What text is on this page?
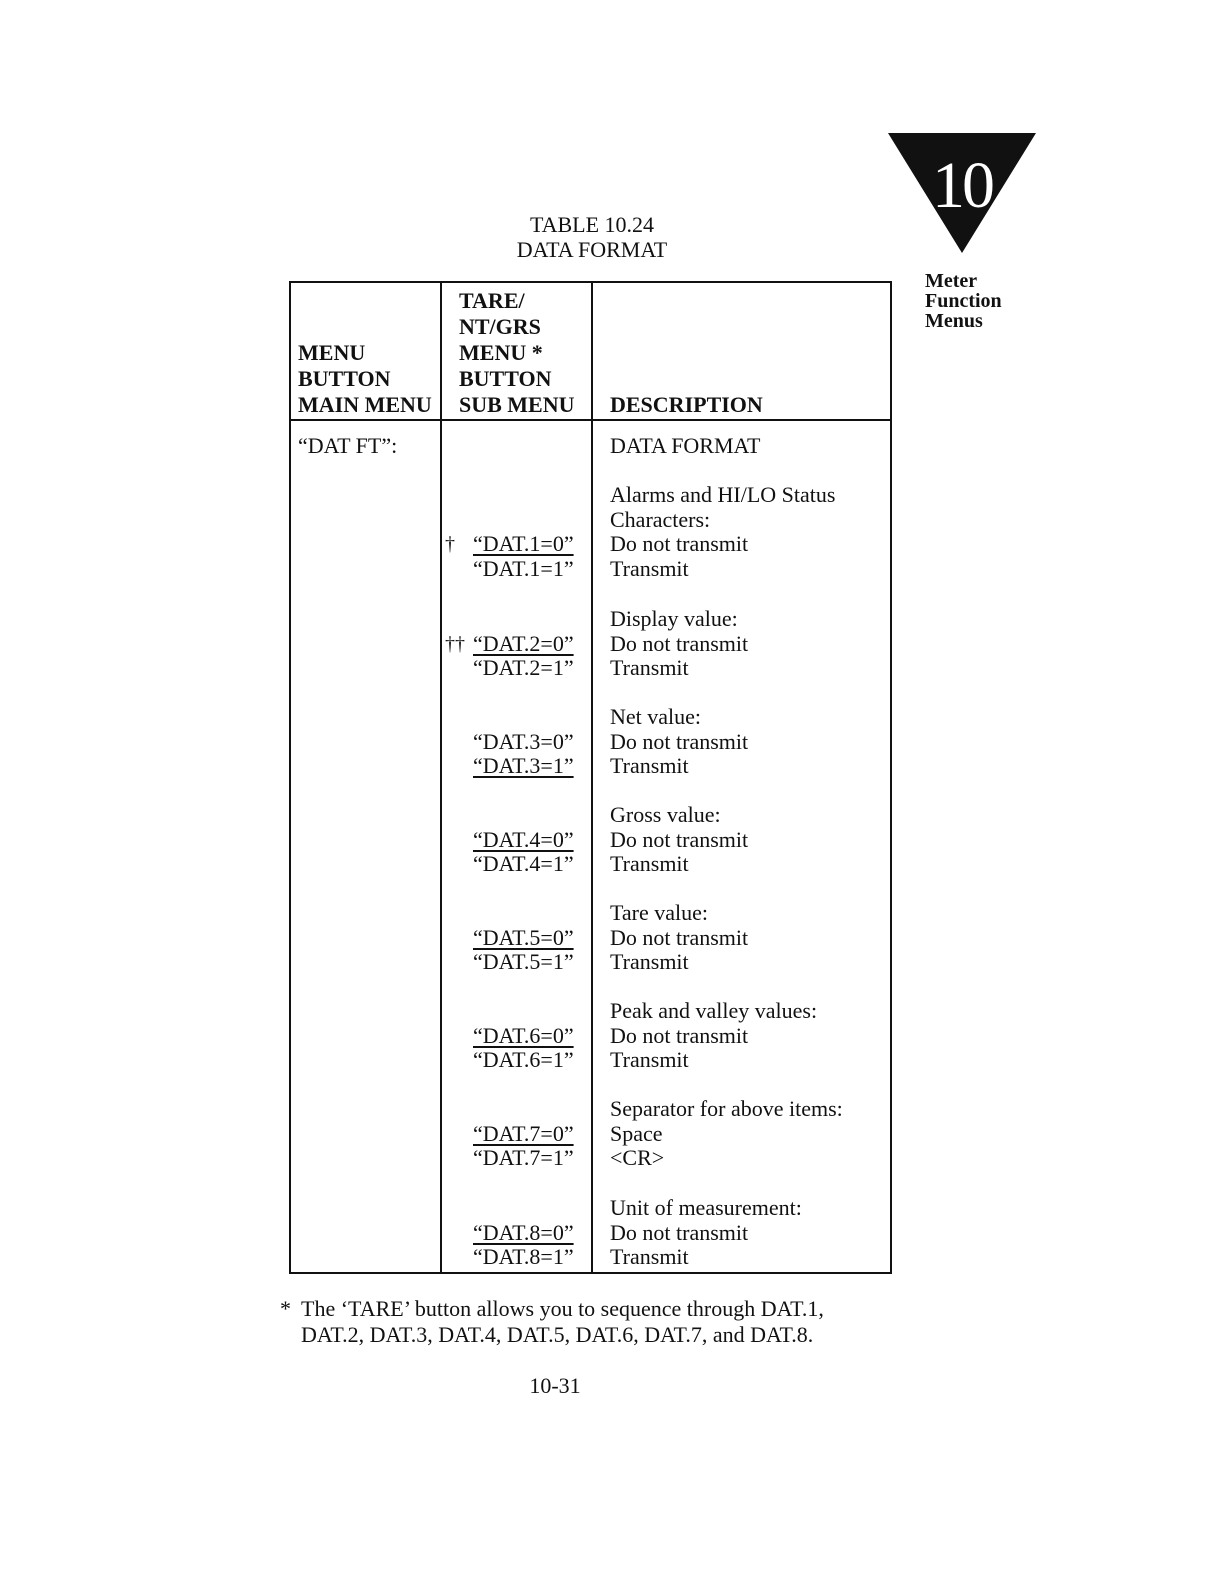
10
Meter
Function
Menus
TABLE 10.24
DATA FORMAT
MENU
BUTTON
MAIN MENU
TARE/
NT/GRS
MENU *
BUTTON
SUB MENU DESCRIPTION
“DAT FT”:	DATA FORMAT
Alarms and HI/LO Status
Characters:
“DAT.1=0” Do not transmit
†
“DAT.1=1” Transmit
Display value:
“DAT.2=0” Do not transmit
††
“DAT.2=1” Transmit
Net value:
“DAT.3=0” Do not transmit
“DAT.3=1” Transmit
Gross value:
“DAT.4=0” Do not transmit
“DAT.4=1” Transmit
Tare value:
“DAT.5=0” Do not transmit
“DAT.5=1” Transmit
Peak and valley values:
“DAT.6=0” Do not transmit
“DAT.6=1” Transmit
Separator for above items:
“DAT.7=0” Space
“DAT.7=1” <CR>
Unit of measurement:
“DAT.8=0” Do not transmit
“DAT.8=1” Transmit
* The ‘TARE’ button allows you to sequence through DAT.1, DAT.2, DAT.3, DAT.4, DAT.5, DAT.6, DAT.7, and DAT.8.
10-31
